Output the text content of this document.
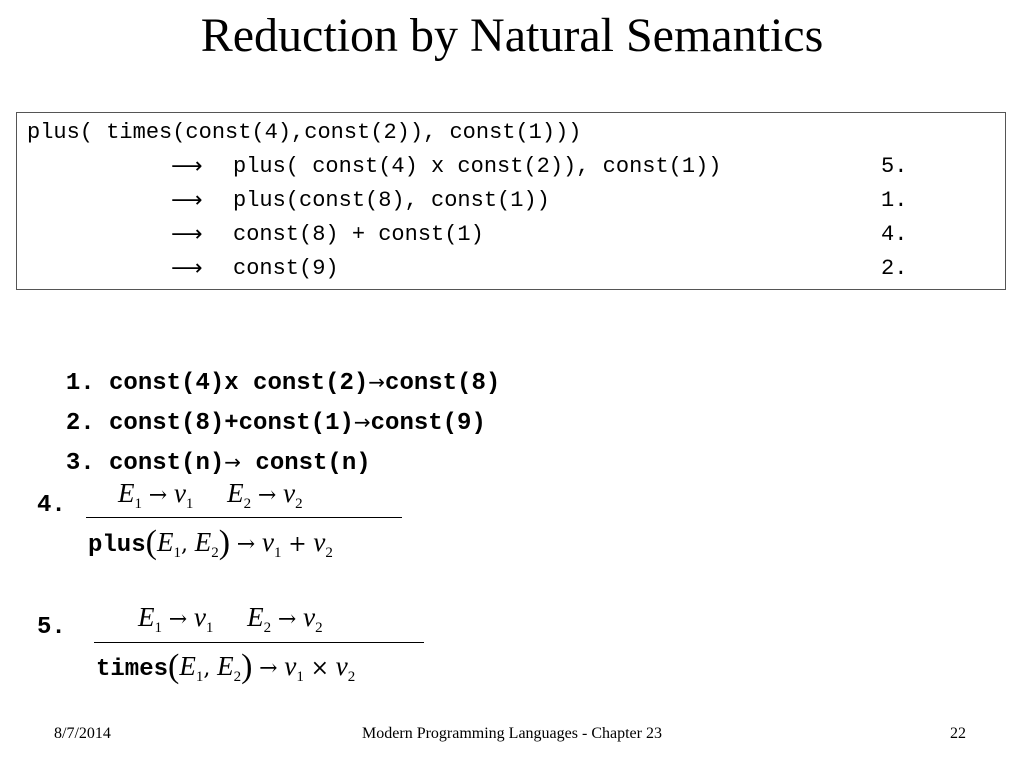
Reduction by Natural Semantics
plus( times(const(4),const(2)), const(1)))
⟶ plus( const(4) x const(2)), const(1))	5.
⟶ plus(const(8), const(1))	1.
⟶ const(8) + const(1)	4.
⟶ const(9)	2.

1. const(4)x const(2)→const(8)

2. const(8)+const(1)→const(9)

3. const(n)→ const(n)

4. $E_1 \to v_1$ $E_2 \to v_2$
$plus(E_1$, $E_2) \to v_1 + v_2$
5.	$E_1 \to v_1$ $E_2 \to v_2$
$times(E_1$, $E_2) \to v_1 \times v_2$
8/7/2014	Modern Programming Languages - Chapter 23	22
